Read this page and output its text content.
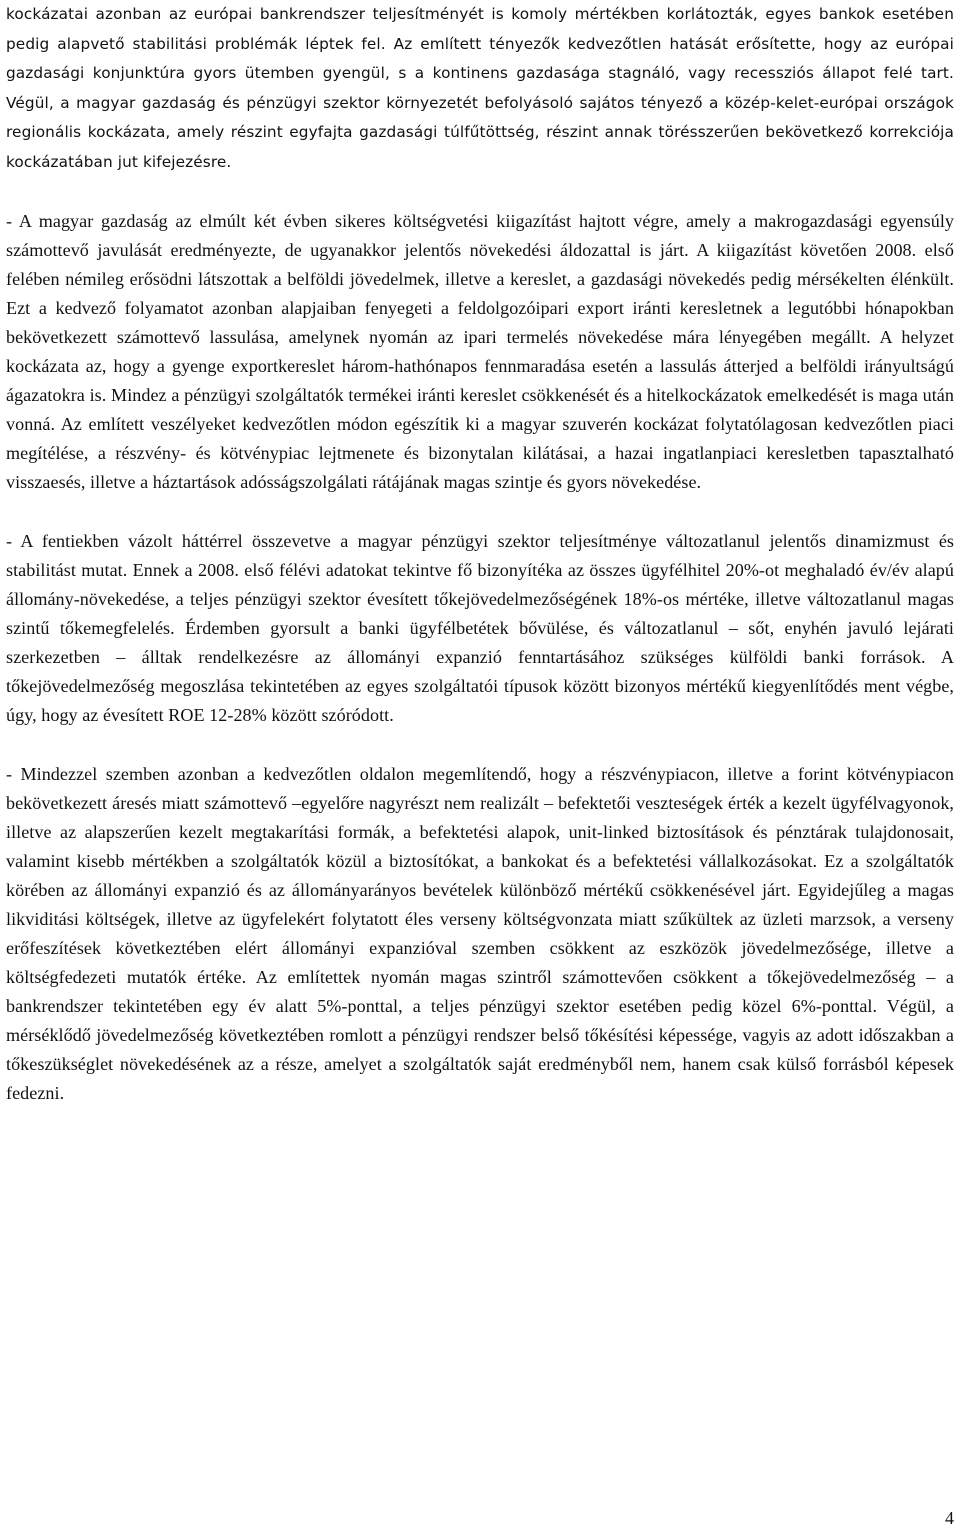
kockázatai azonban az európai bankrendszer teljesítményét is komoly mértékben korlátozták, egyes bankok esetében pedig alapvető stabilitási problémák léptek fel. Az említett tényezők kedvezőtlen hatását erősítette, hogy az európai gazdasági konjunktúra gyors ütemben gyengül, s a kontinens gazdasága stagnáló, vagy recessziós állapot felé tart. Végül, a magyar gazdaság és pénzügyi szektor környezetét befolyásoló sajátos tényező a közép-kelet-európai országok regionális kockázata, amely részint egyfajta gazdasági túlfűtöttség, részint annak törésszerűen bekövetkező korrekciója kockázatában jut kifejezésre.

- A magyar gazdaság az elmúlt két évben sikeres költségvetési kiigazítást hajtott végre, amely a makrogazdasági egyensúly számottevő javulását eredményezte, de ugyanakkor jelentős növekedési áldozattal is járt. A kiigazítást követően 2008. első felében némileg erősödni látszottak a belföldi jövedelmek, illetve a kereslet, a gazdasági növekedés pedig mérsékelten élénkült. Ezt a kedvező folyamatot azonban alapjaiban fenyegeti a feldolgozóipari export iránti keresletnek a legutóbbi hónapokban bekövetkezett számottevő lassulása, amelynek nyomán az ipari termelés növekedése mára lényegében megállt. A helyzet kockázata az, hogy a gyenge exportkereslet három-hathónapos fennmaradása esetén a lassulás átterjed a belföldi irányultságú ágazatokra is. Mindez a pénzügyi szolgáltatók termékei iránti kereslet csökkenését és a hitelkockázatok emelkedését is maga után vonná. Az említett veszélyeket kedvezőtlen módon egészítik ki a magyar szuverén kockázat folytatólagosan kedvezőtlen piaci megítélése, a részvény- és kötvénypiac lejtmenete és bizonytalan kilátásai, a hazai ingatlanpiaci keresletben tapasztalható visszaesés, illetve a háztartások adósságszolgálati rátájának magas szintje és gyors növekedése.

- A fentiekben vázolt háttérrel összevetve a magyar pénzügyi szektor teljesítménye változatlanul jelentős dinamizmust és stabilitást mutat. Ennek a 2008. első félévi adatokat tekintve fő bizonyítéka az összes ügyfélhitel 20%-ot meghaladó év/év alapú állomány-növekedése, a teljes pénzügyi szektor évesített tőkejövedelmezőségének 18%-os mértéke, illetve változatlanul magas szintű tőkemegfelelés. Érdemben gyorsult a banki ügyfélbetétek bővülése, és változatlanul – sőt, enyhén javuló lejárati szerkezetben – álltak rendelkezésre az állományi expanzió fenntartásához szükséges külföldi banki források. A tőkejövedelmezőség megoszlása tekintetében az egyes szolgáltatói típusok között bizonyos mértékű kiegyenlítődés ment végbe, úgy, hogy az évesített ROE 12-28% között szóródott.

- Mindezzel szemben azonban a kedvezőtlen oldalon megemlítendő, hogy a részvénypiacon, illetve a forint kötvénypiacon bekövetkezett áresés miatt számottevő –egyelőre nagyrészt nem realizált – befektetői veszteségek érték a kezelt ügyfélvagyonok, illetve az alapszerűen kezelt megtakarítási formák, a befektetési alapok, unit-linked biztosítások és pénztárak tulajdonosait, valamint kisebb mértékben a szolgáltatók közül a biztosítókat, a bankokat és a befektetési vállalkozásokat. Ez a szolgáltatók körében az állományi expanzió és az állományarányos bevételek különböző mértékű csökkenésével járt. Egyidejűleg a magas likviditási költségek, illetve az ügyfelekért folytatott éles verseny költségvonzata miatt szűkültek az üzleti marzsok, a verseny erőfeszítések következtében elért állományi expanzióval szemben csökkent az eszközök jövedelmezősége, illetve a költségfedezeti mutatók értéke. Az említettek nyomán magas szintről számottevően csökkent a tőkejövedelmezőség – a bankrendszer tekintetében egy év alatt 5%-ponttal, a teljes pénzügyi szektor esetében pedig közel 6%-ponttal. Végül, a mérséklődő jövedelmezőség következtében romlott a pénzügyi rendszer belső tőkésítési képessége, vagyis az adott időszakban a tőkeszükséglet növekedésének az a része, amelyet a szolgáltatók saját eredményből nem, hanem csak külső forrásból képesek fedezni.

4
